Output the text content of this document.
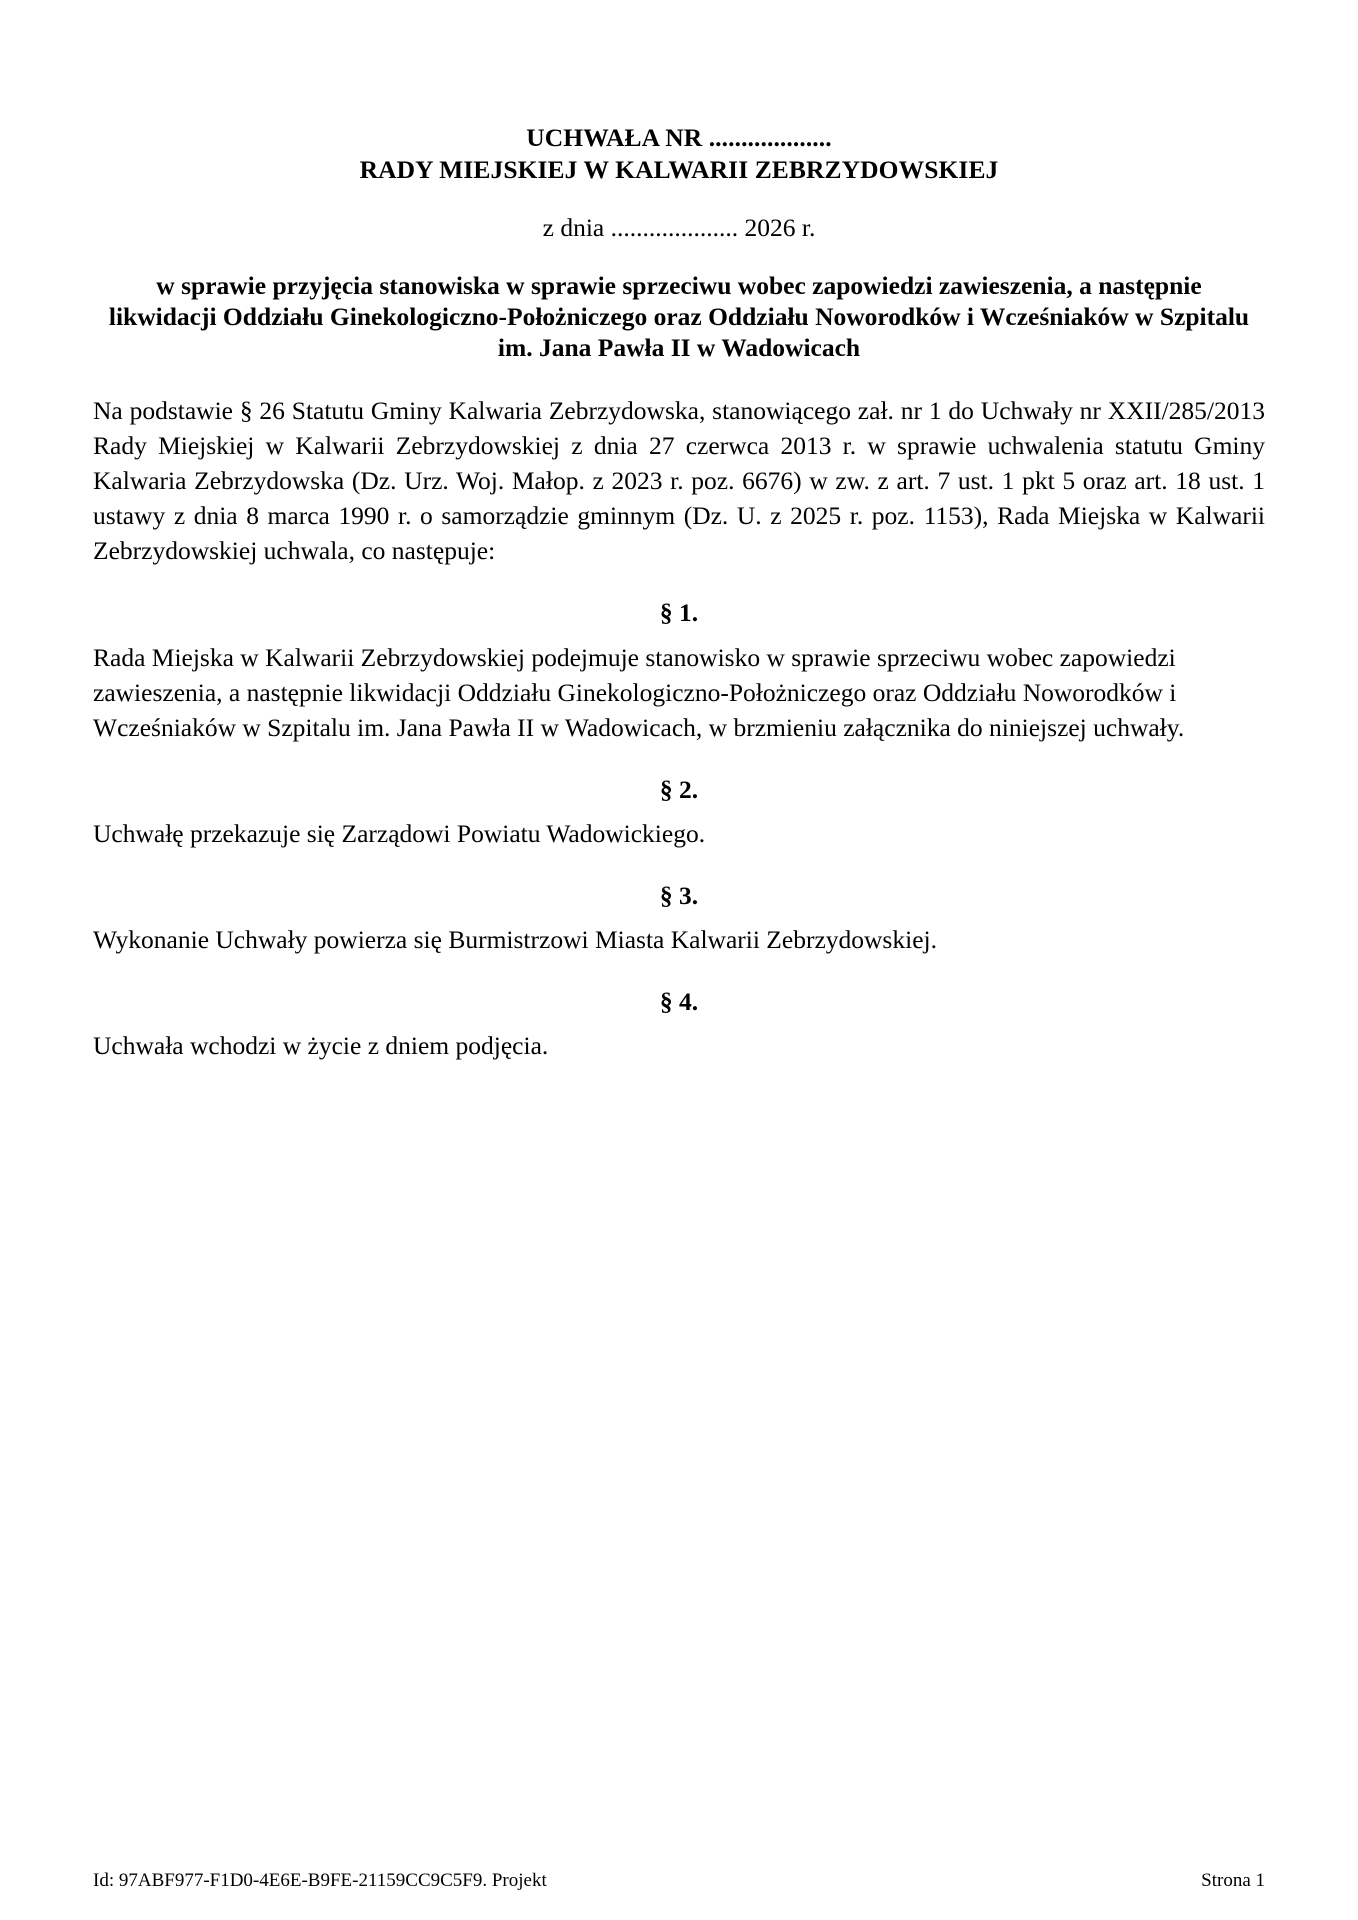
UCHWAŁA NR ...................
RADY MIEJSKIEJ W KALWARII ZEBRZYDOWSKIEJ
z dnia .................... 2026 r.
w sprawie przyjęcia stanowiska w sprawie sprzeciwu wobec zapowiedzi zawieszenia, a następnie likwidacji Oddziału Ginekologiczno-Położniczego oraz Oddziału Noworodków i Wcześniaków w Szpitalu im. Jana Pawła II w Wadowicach
Na podstawie § 26 Statutu Gminy Kalwaria Zebrzydowska, stanowiącego zał. nr 1 do Uchwały nr XXII/285/2013 Rady Miejskiej w Kalwarii Zebrzydowskiej z dnia 27 czerwca 2013 r. w sprawie uchwalenia statutu Gminy Kalwaria Zebrzydowska (Dz. Urz. Woj. Małop. z 2023 r. poz. 6676) w zw. z art. 7 ust. 1 pkt 5 oraz art. 18 ust. 1 ustawy z dnia 8 marca 1990 r. o samorządzie gminnym (Dz. U. z 2025 r. poz. 1153), Rada Miejska w Kalwarii Zebrzydowskiej uchwala, co następuje:
§ 1.
Rada Miejska w Kalwarii Zebrzydowskiej podejmuje stanowisko w sprawie sprzeciwu wobec zapowiedzi zawieszenia, a następnie likwidacji Oddziału Ginekologiczno-Położniczego oraz Oddziału Noworodków i Wcześniaków w Szpitalu im. Jana Pawła II w Wadowicach, w brzmieniu załącznika do niniejszej uchwały.
§ 2.
Uchwałę przekazuje się Zarządowi Powiatu Wadowickiego.
§ 3.
Wykonanie Uchwały powierza się Burmistrzowi Miasta Kalwarii Zebrzydowskiej.
§ 4.
Uchwała wchodzi w życie z dniem podjęcia.
Id: 97ABF977-F1D0-4E6E-B9FE-21159CC9C5F9. Projekt	Strona 1
